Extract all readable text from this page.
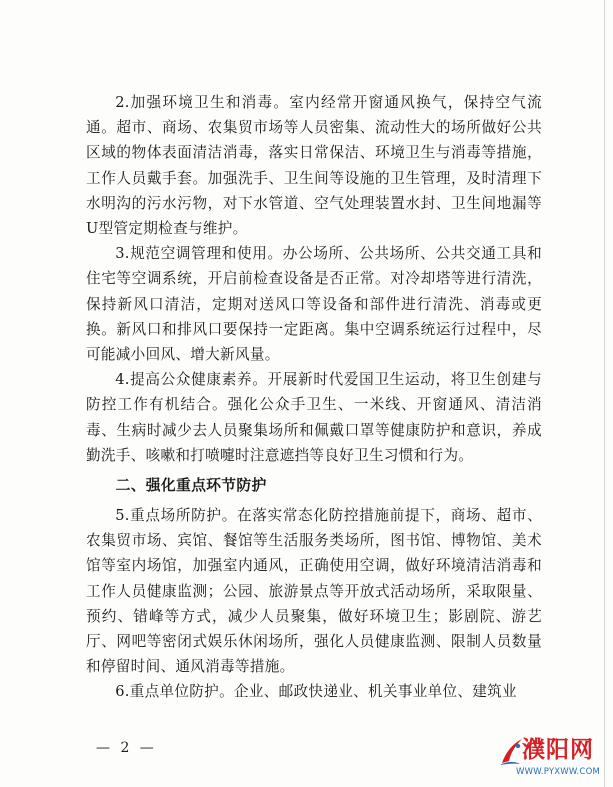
2.加强环境卫生和消毒。室内经常开窗通风换气，保持空气流通。超市、商场、农集贸市场等人员密集、流动性大的场所做好公共区域的物体表面清洁消毒，落实日常保洁、环境卫生与消毒等措施，工作人员戴手套。加强洗手、卫生间等设施的卫生管理，及时清理下水明沟的污水污物，对下水管道、空气处理装置水封、卫生间地漏等U型管定期检查与维护。

3.规范空调管理和使用。办公场所、公共场所、公共交通工具和住宅等空调系统，开启前检查设备是否正常。对冷却塔等进行清洗，保持新风口清洁，定期对送风口等设备和部件进行清洗、消毒或更换。新风口和排风口要保持一定距离。集中空调系统运行过程中，尽可能减小回风、增大新风量。

4.提高公众健康素养。开展新时代爱国卫生运动，将卫生创建与防控工作有机结合。强化公众手卫生、一米线、开窗通风、清洁消毒、生病时减少去人员聚集场所和佩戴口罩等健康防护和意识，养成勤洗手、咳嗽和打喷嚏时注意遮挡等良好卫生习惯和行为。

二、强化重点环节防护

5.重点场所防护。在落实常态化防控措施前提下，商场、超市、农集贸市场、宾馆、餐馆等生活服务类场所，图书馆、博物馆、美术馆等室内场馆，加强室内通风，正确使用空调，做好环境清洁消毒和工作人员健康监测；公园、旅游景点等开放式活动场所，采取限量、预约、错峰等方式，减少人员聚集，做好环境卫生；影剧院、游艺厅、网吧等密闭式娱乐休闲场所，强化人员健康监测、限制人员数量和停留时间、通风消毒等措施。

6.重点单位防护。企业、邮政快递业、机关事业单位、建筑业

— 2 —	濮阳网
WWW.PYXWW.COM
